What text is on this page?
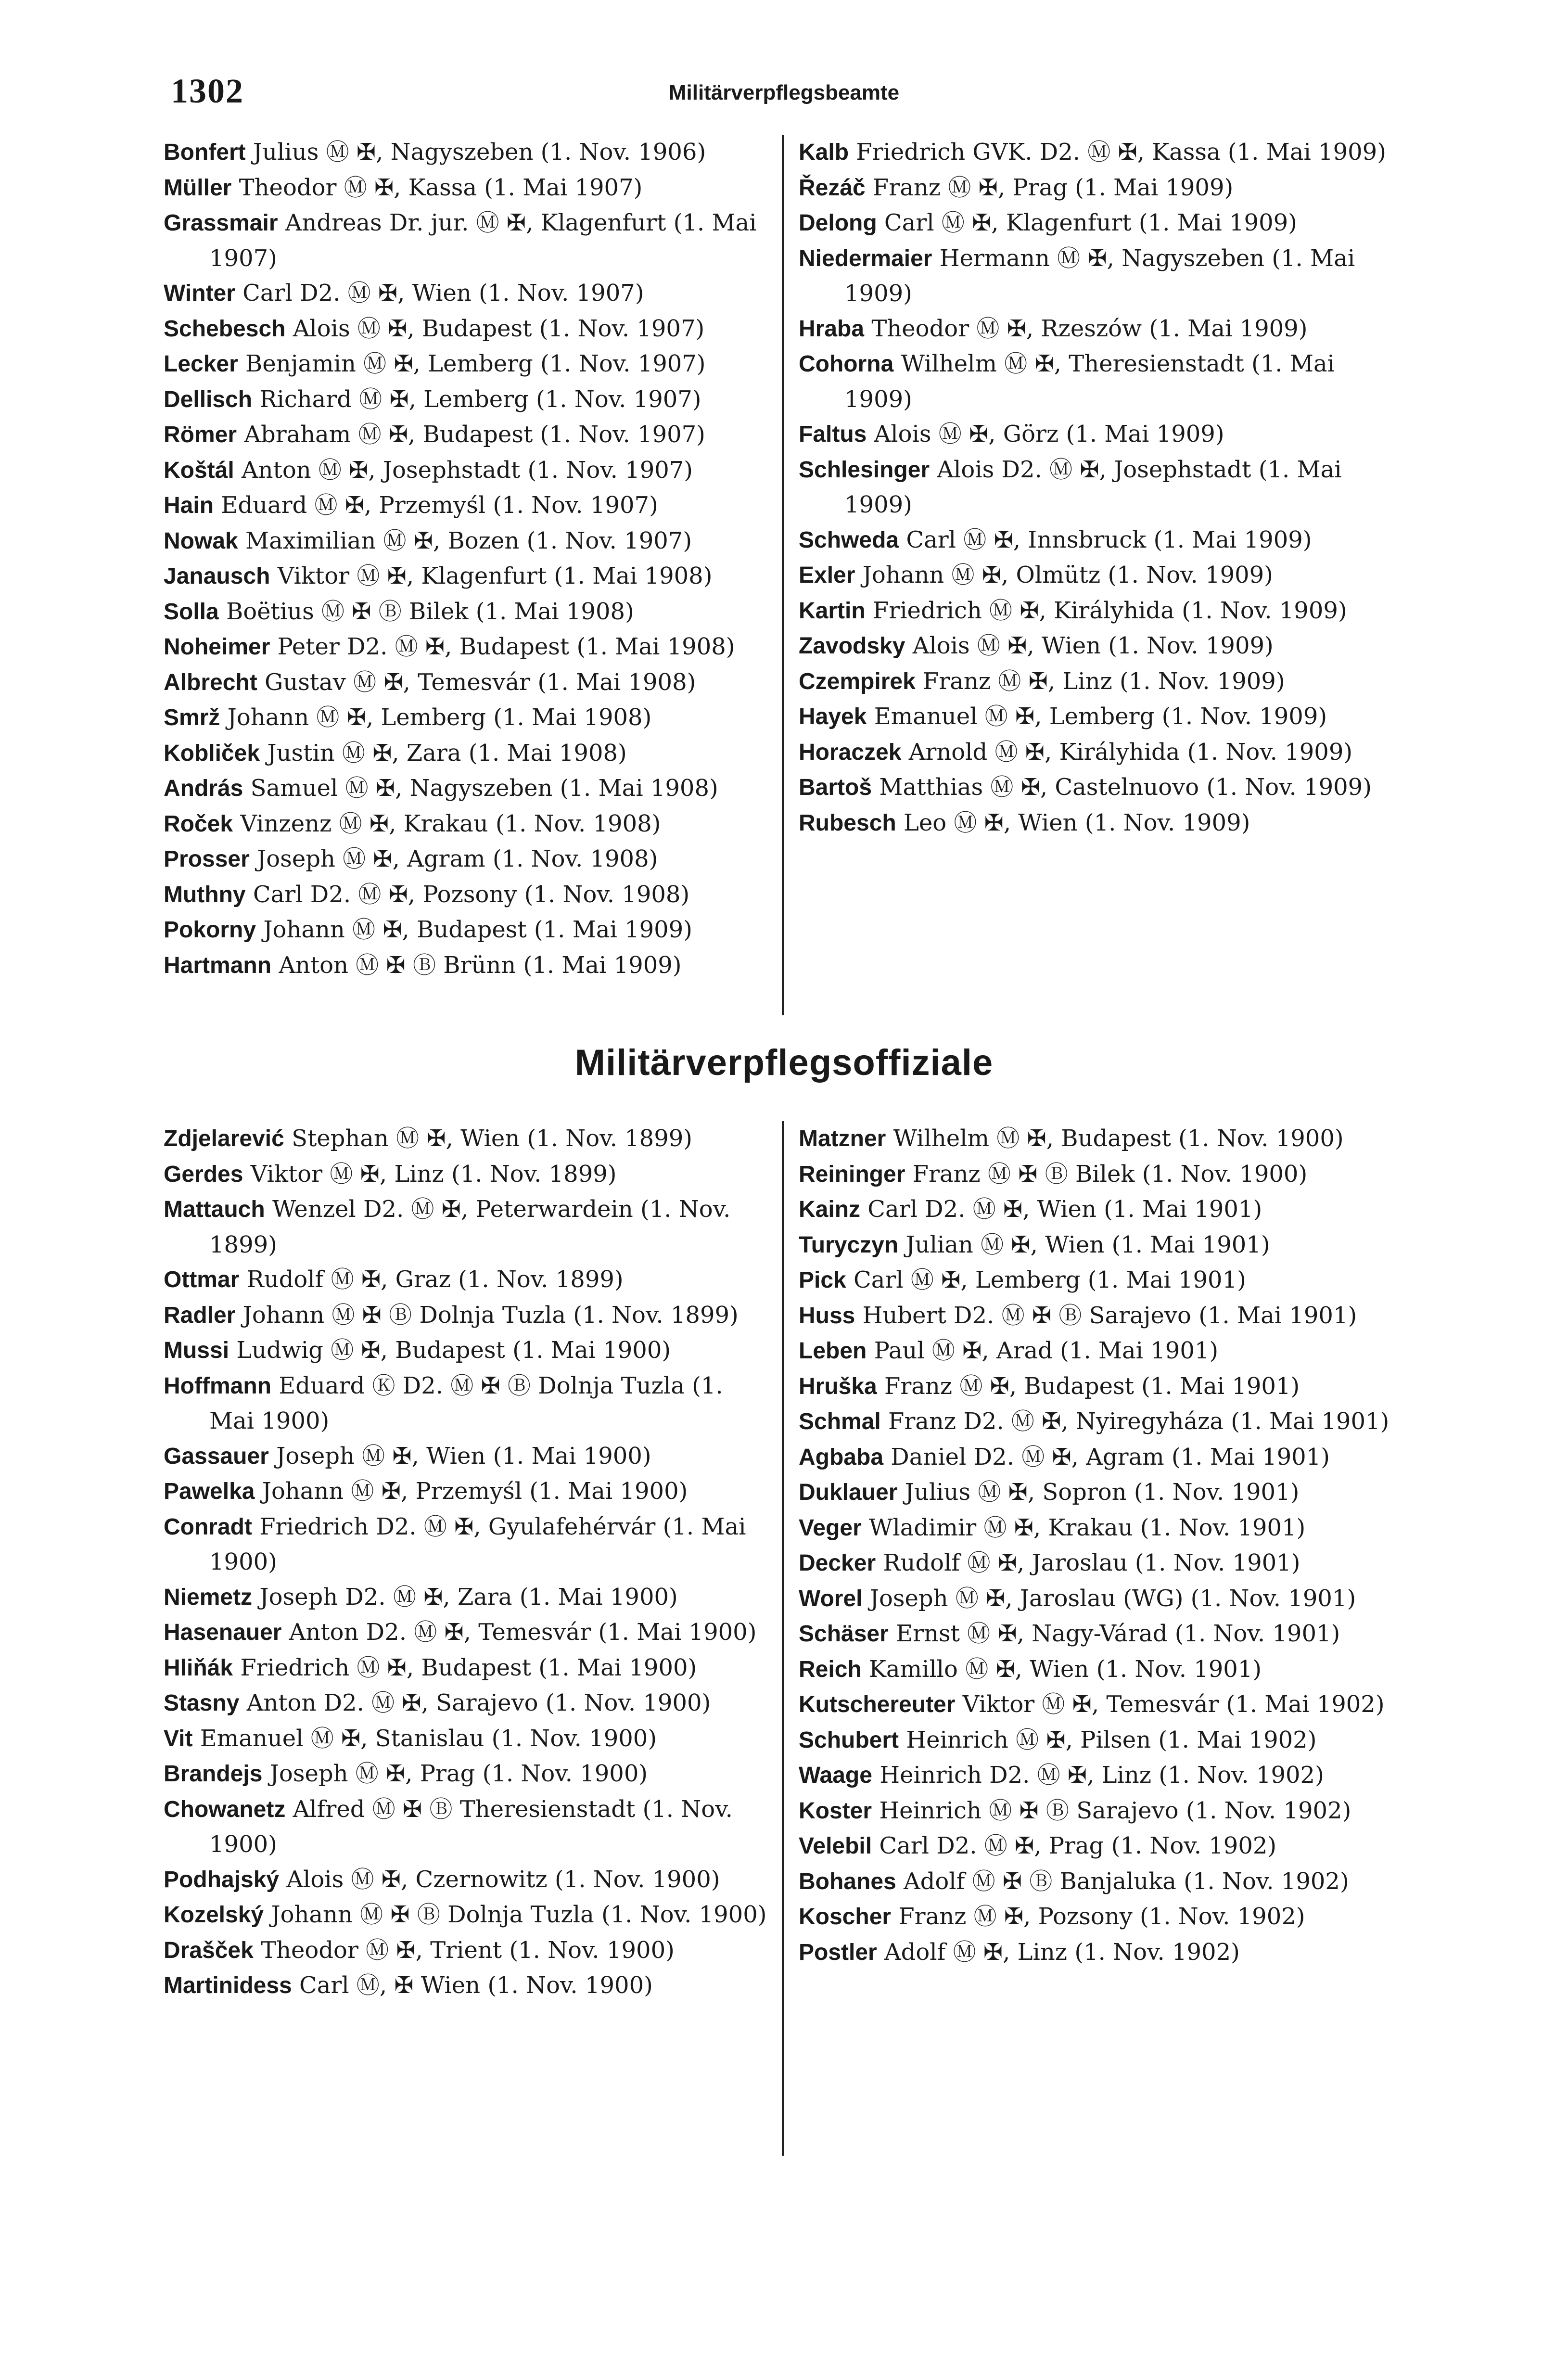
1302	Militärverpflegsbeamte

Bonfert Julius Ⓜ ✠, Nagyszeben (1. Nov. 1906)

Müller Theodor Ⓜ ✠, Kassa (1. Mai 1907)

Grassmair Andreas Dr. jur. Ⓜ ✠, Klagenfurt (1. Mai 1907)

Winter Carl D2. Ⓜ ✠, Wien (1. Nov. 1907)

Schebesch Alois Ⓜ ✠, Budapest (1. Nov. 1907)

Lecker Benjamin Ⓜ ✠, Lemberg (1. Nov. 1907)

Dellisch Richard Ⓜ ✠, Lemberg (1. Nov. 1907)

Römer Abraham Ⓜ ✠, Budapest (1. Nov. 1907)

Koštál Anton Ⓜ ✠, Josephstadt (1. Nov. 1907)

Hain Eduard Ⓜ ✠, Przemyśl (1. Nov. 1907)

Nowak Maximilian Ⓜ ✠, Bozen (1. Nov. 1907)

Janausch Viktor Ⓜ ✠, Klagenfurt (1. Mai 1908)

Solla Boëtius Ⓜ ✠ Ⓑ Bilek (1. Mai 1908)

Noheimer Peter D2. Ⓜ ✠, Budapest (1. Mai 1908)

Albrecht Gustav Ⓜ ✠, Temesvár (1. Mai 1908)

Smrž Johann Ⓜ ✠, Lemberg (1. Mai 1908)

Kobliček Justin Ⓜ ✠, Zara (1. Mai 1908)

András Samuel Ⓜ ✠, Nagyszeben (1. Mai 1908)

Roček Vinzenz Ⓜ ✠, Krakau (1. Nov. 1908)

Prosser Joseph Ⓜ ✠, Agram (1. Nov. 1908)

Muthny Carl D2. Ⓜ ✠, Pozsony (1. Nov. 1908)

Pokorny Johann Ⓜ ✠, Budapest (1. Mai 1909)

Hartmann Anton Ⓜ ✠ Ⓑ Brünn (1. Mai 1909)

Kalb Friedrich GVK. D2. Ⓜ ✠, Kassa (1. Mai 1909)

Řezáč Franz Ⓜ ✠, Prag (1. Mai 1909)

Delong Carl Ⓜ ✠, Klagenfurt (1. Mai 1909)

Niedermaier Hermann Ⓜ ✠, Nagyszeben (1. Mai 1909)

Hraba Theodor Ⓜ ✠, Rzeszów (1. Mai 1909)

Cohorna Wilhelm Ⓜ ✠, Theresienstadt (1. Mai 1909)

Faltus Alois Ⓜ ✠, Görz (1. Mai 1909)

Schlesinger Alois D2. Ⓜ ✠, Josephstadt (1. Mai 1909)

Schweda Carl Ⓜ ✠, Innsbruck (1. Mai 1909)

Exler Johann Ⓜ ✠, Olmütz (1. Nov. 1909)

Kartin Friedrich Ⓜ ✠, Királyhida (1. Nov. 1909)

Zavodsky Alois Ⓜ ✠, Wien (1. Nov. 1909)

Czempirek Franz Ⓜ ✠, Linz (1. Nov. 1909)

Hayek Emanuel Ⓜ ✠, Lemberg (1. Nov. 1909)

Horaczek Arnold Ⓜ ✠, Királyhida (1. Nov. 1909)

Bartoš Matthias Ⓜ ✠, Castelnuovo (1. Nov. 1909)

Rubesch Leo Ⓜ ✠, Wien (1. Nov. 1909)

Militärverpflegsoffiziale

Zdjelarević Stephan Ⓜ ✠, Wien (1. Nov. 1899)

Gerdes Viktor Ⓜ ✠, Linz (1. Nov. 1899)

Mattauch Wenzel D2. Ⓜ ✠, Peterwardein (1. Nov. 1899)

Ottmar Rudolf Ⓜ ✠, Graz (1. Nov. 1899)

Radler Johann Ⓜ ✠ Ⓑ Dolnja Tuzla (1. Nov. 1899)

Mussi Ludwig Ⓜ ✠, Budapest (1. Mai 1900)

Hoffmann Eduard Ⓚ D2. Ⓜ ✠ Ⓑ Dolnja Tuzla (1. Mai 1900)

Gassauer Joseph Ⓜ ✠, Wien (1. Mai 1900)

Pawelka Johann Ⓜ ✠, Przemyśl (1. Mai 1900)

Conradt Friedrich D2. Ⓜ ✠, Gyulafehérvár (1. Mai 1900)

Niemetz Joseph D2. Ⓜ ✠, Zara (1. Mai 1900)

Hasenauer Anton D2. Ⓜ ✠, Temesvár (1. Mai 1900)

Hliňák Friedrich Ⓜ ✠, Budapest (1. Mai 1900)

Stasny Anton D2. Ⓜ ✠, Sarajevo (1. Nov. 1900)

Vit Emanuel Ⓜ ✠, Stanislau (1. Nov. 1900)

Brandejs Joseph Ⓜ ✠, Prag (1. Nov. 1900)

Chowanetz Alfred Ⓜ ✠ Ⓑ Theresienstadt (1. Nov. 1900)

Podhajský Alois Ⓜ ✠, Czernowitz (1. Nov. 1900)

Kozelský Johann Ⓜ ✠ Ⓑ Dolnja Tuzla (1. Nov. 1900)

Drašček Theodor Ⓜ ✠, Trient (1. Nov. 1900)

Martinidess Carl Ⓜ, ✠ Wien (1. Nov. 1900)

Matzner Wilhelm Ⓜ ✠, Budapest (1. Nov. 1900)

Reininger Franz Ⓜ ✠ Ⓑ Bilek (1. Nov. 1900)

Kainz Carl D2. Ⓜ ✠, Wien (1. Mai 1901)

Turyczyn Julian Ⓜ ✠, Wien (1. Mai 1901)

Pick Carl Ⓜ ✠, Lemberg (1. Mai 1901)

Huss Hubert D2. Ⓜ ✠ Ⓑ Sarajevo (1. Mai 1901)

Leben Paul Ⓜ ✠, Arad (1. Mai 1901)

Hruška Franz Ⓜ ✠, Budapest (1. Mai 1901)

Schmal Franz D2. Ⓜ ✠, Nyiregyháza (1. Mai 1901)

Agbaba Daniel D2. Ⓜ ✠, Agram (1. Mai 1901)

Duklauer Julius Ⓜ ✠, Sopron (1. Nov. 1901)

Veger Wladimir Ⓜ ✠, Krakau (1. Nov. 1901)

Decker Rudolf Ⓜ ✠, Jaroslau (1. Nov. 1901)

Worel Joseph Ⓜ ✠, Jaroslau (WG) (1. Nov. 1901)

Schäser Ernst Ⓜ ✠, Nagy-Várad (1. Nov. 1901)

Reich Kamillo Ⓜ ✠, Wien (1. Nov. 1901)

Kutschereuter Viktor Ⓜ ✠, Temesvár (1. Mai 1902)

Schubert Heinrich Ⓜ ✠, Pilsen (1. Mai 1902)

Waage Heinrich D2. Ⓜ ✠, Linz (1. Nov. 1902)

Koster Heinrich Ⓜ ✠ Ⓑ Sarajevo (1. Nov. 1902)

Velebil Carl D2. Ⓜ ✠, Prag (1. Nov. 1902)

Bohanes Adolf Ⓜ ✠ Ⓑ Banjaluka (1. Nov. 1902)

Koscher Franz Ⓜ ✠, Pozsony (1. Nov. 1902)

Postler Adolf Ⓜ ✠, Linz (1. Nov. 1902)
